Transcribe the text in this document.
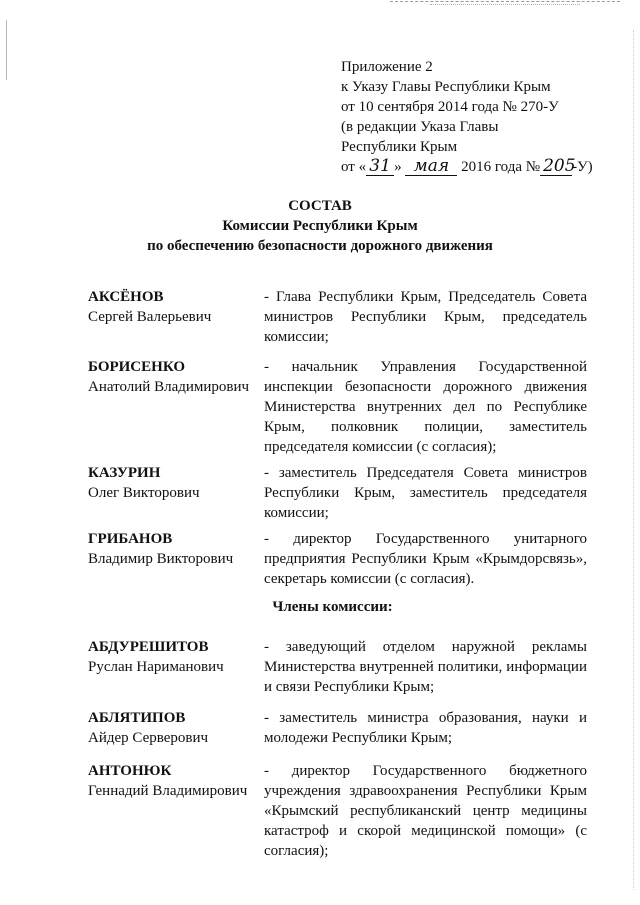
Приложение 2
к Указу Главы Республики Крым
от 10 сентября 2014 года № 270-У
(в редакции Указа Главы
Республики Крым
от « 31 » мая 2016 года № 205-У)
СОСТАВ
Комиссии Республики Крым
по обеспечению безопасности дорожного движения
АКСЁНОВ
Сергей Валерьевич
- Глава Республики Крым, Председатель Совета министров Республики Крым, председатель комиссии;
БОРИСЕНКО
Анатолий Владимирович
- начальник Управления Государственной инспекции безопасности дорожного движения Министерства внутренних дел по Республике Крым, полковник полиции, заместитель председателя комиссии (с согласия);
КАЗУРИН
Олег Викторович
- заместитель Председателя Совета министров Республики Крым, заместитель председателя комиссии;
ГРИБАНОВ
Владимир Викторович
- директор Государственного унитарного предприятия Республики Крым «Крымдорсвязь», секретарь комиссии (с согласия).
Члены комиссии:
АБДУРЕШИТОВ
Руслан Нариманович
- заведующий отделом наружной рекламы Министерства внутренней политики, информации и связи Республики Крым;
АБЛЯТИПОВ
Айдер Серверович
- заместитель министра образования, науки и молодежи Республики Крым;
АНТОНЮК
Геннадий Владимирович
- директор Государственного бюджетного учреждения здравоохранения Республики Крым «Крымский республиканский центр медицины катастроф и скорой медицинской помощи» (с согласия);
